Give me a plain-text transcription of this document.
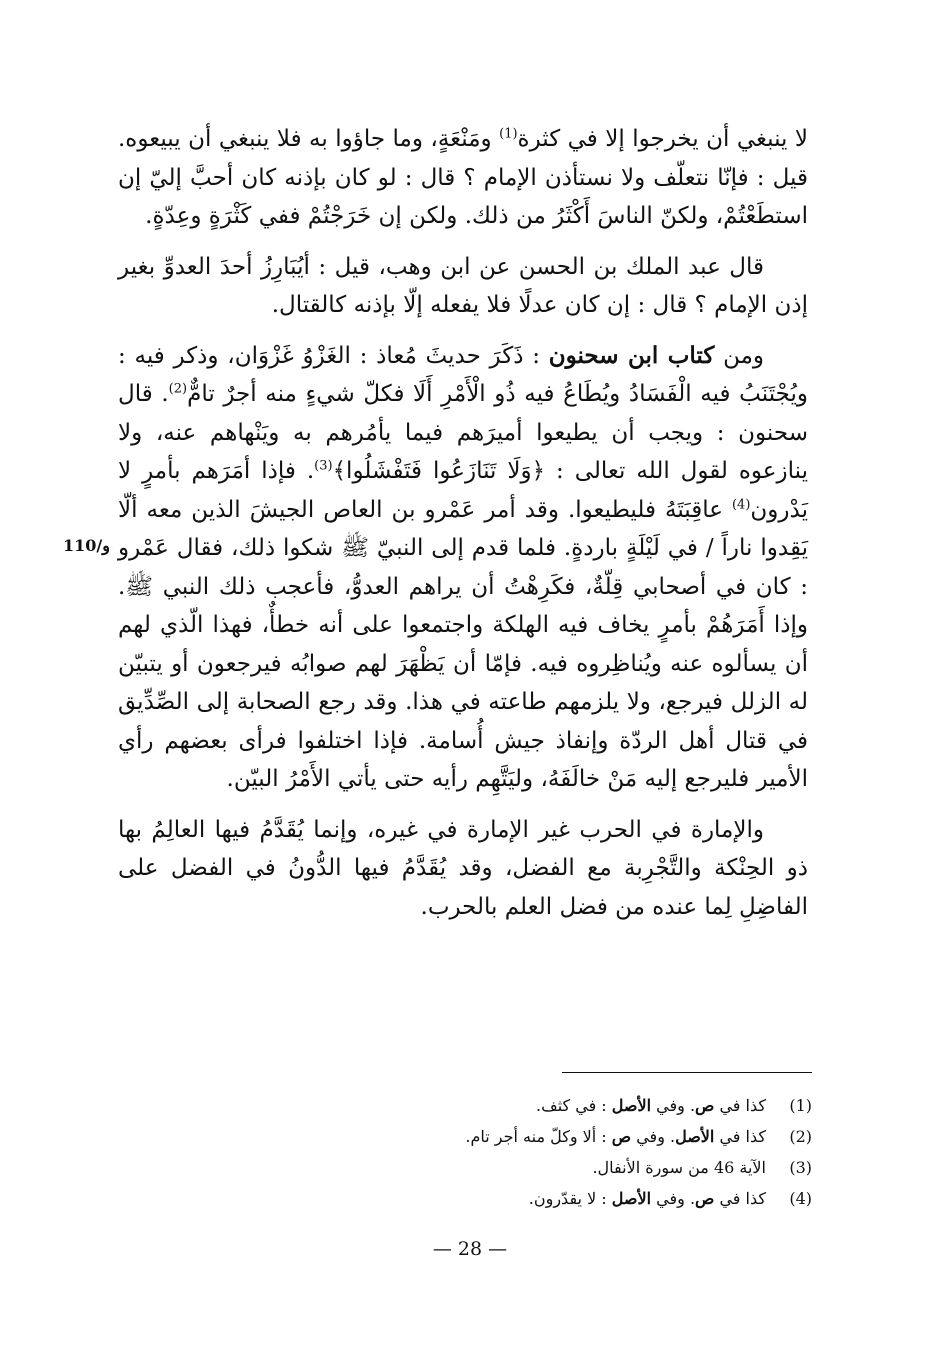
لا ينبغي أن يخرجوا إلا في كثرة$^{(1)}$ ومَنْعَةٍ، وما جاؤوا به فلا ينبغي أن يبيعوه. قيل : فإنّا نتعلّف ولا نستأذن الإمام ؟ قال : لو كان بإذنه كان أحبَّ إليّ إن استطَعْتُمْ، ولكنّ الناسَ أَكْثَرُ من ذلك. ولكن إن خَرَجْتُمْ ففي كَثْرَةٍ وعِدّةٍ.

قال عبد الملك بن الحسن عن ابن وهب، قيل : أيُبَارِزُ أحدَ العدوِّ بغير إذن الإمام ؟ قال : إن كان عدلًا فلا يفعله إلّا بإذنه كالقتال.

ومن كتاب ابن سحنون : ذَكَرَ حديثَ مُعاذ : الغَزْوُ غَزْوَان، وذكر فيه : ويُجْتَنَبُ فيه الْفَسَادُ ويُطَاعُ فيه ذُو الْأَمْرِ أَلَا فكلّ شيءٍ منه أجرٌ تامٌّ$^{(2)}$. قال سحنون : ويجب أن يطيعوا أميرَهم فيما يأمُرهم به ويَنْهاهم عنه، ولا ينازعوه لقول الله تعالى : ﴿وَلَا تَنَازَعُوا فَتَفْشَلُوا﴾$^{(3)}$. فإذا أمَرَهم بأمرٍ لا يَدْرون$^{(4)}$ عاقِبَتَهُ فليطيعوا. وقد أمر عَمْرو بن العاص الجيشَ الذين معه ألّا يَقِدوا ناراً / في لَيْلَةٍ باردةٍ. فلما قدم إلى النبيّ ﷺ شكوا ذلك، فقال عَمْرو : كان في أصحابي قِلّةٌ، فكَرِهْتُ أن يراهم العدوُّ، فأعجب ذلك النبي ﷺ. وإذا أَمَرَهُمْ بأمرٍ يخاف فيه الهلكة واجتمعوا على أنه خطأٌ، فهذا الّذي لهم أن يسألوه عنه ويُناظِروه فيه. فإمّا أن يَظْهَرَ لهم صوابُه فيرجعون أو يتبيّن له الزلل فيرجع، ولا يلزمهم طاعته في هذا. وقد رجع الصحابة إلى الصِّدِّيق في قتال أهل الردّة وإنفاذ جيش أُسامة. فإذا اختلفوا فرأى بعضهم رأي الأمير فليرجع إليه مَنْ خالَفَهُ، وليَتَّهِم رأيه حتى يأتي الأَمْرُ البيّن.

والإمارة في الحرب غير الإمارة في غيره، وإنما يُقَدَّمُ فيها العالِمُ بها ذو الحِنْكة والتَّجْرِبة مع الفضل، وقد يُقَدَّمُ فيها الدُّونُ في الفضل على الفاضِلِ لِما عنده من فضل العلم بالحرب.

110/و
(1)
كذا في ص. وفي الأصل : في كثف.
(2)
كذا في الأصل. وفي ص : ألا وكلّ منه أجر تام.
(3)
الآية 46 من سورة الأنفال.
(4)
كذا في ص. وفي الأصل : لا يقدّرون.
— 28 —
